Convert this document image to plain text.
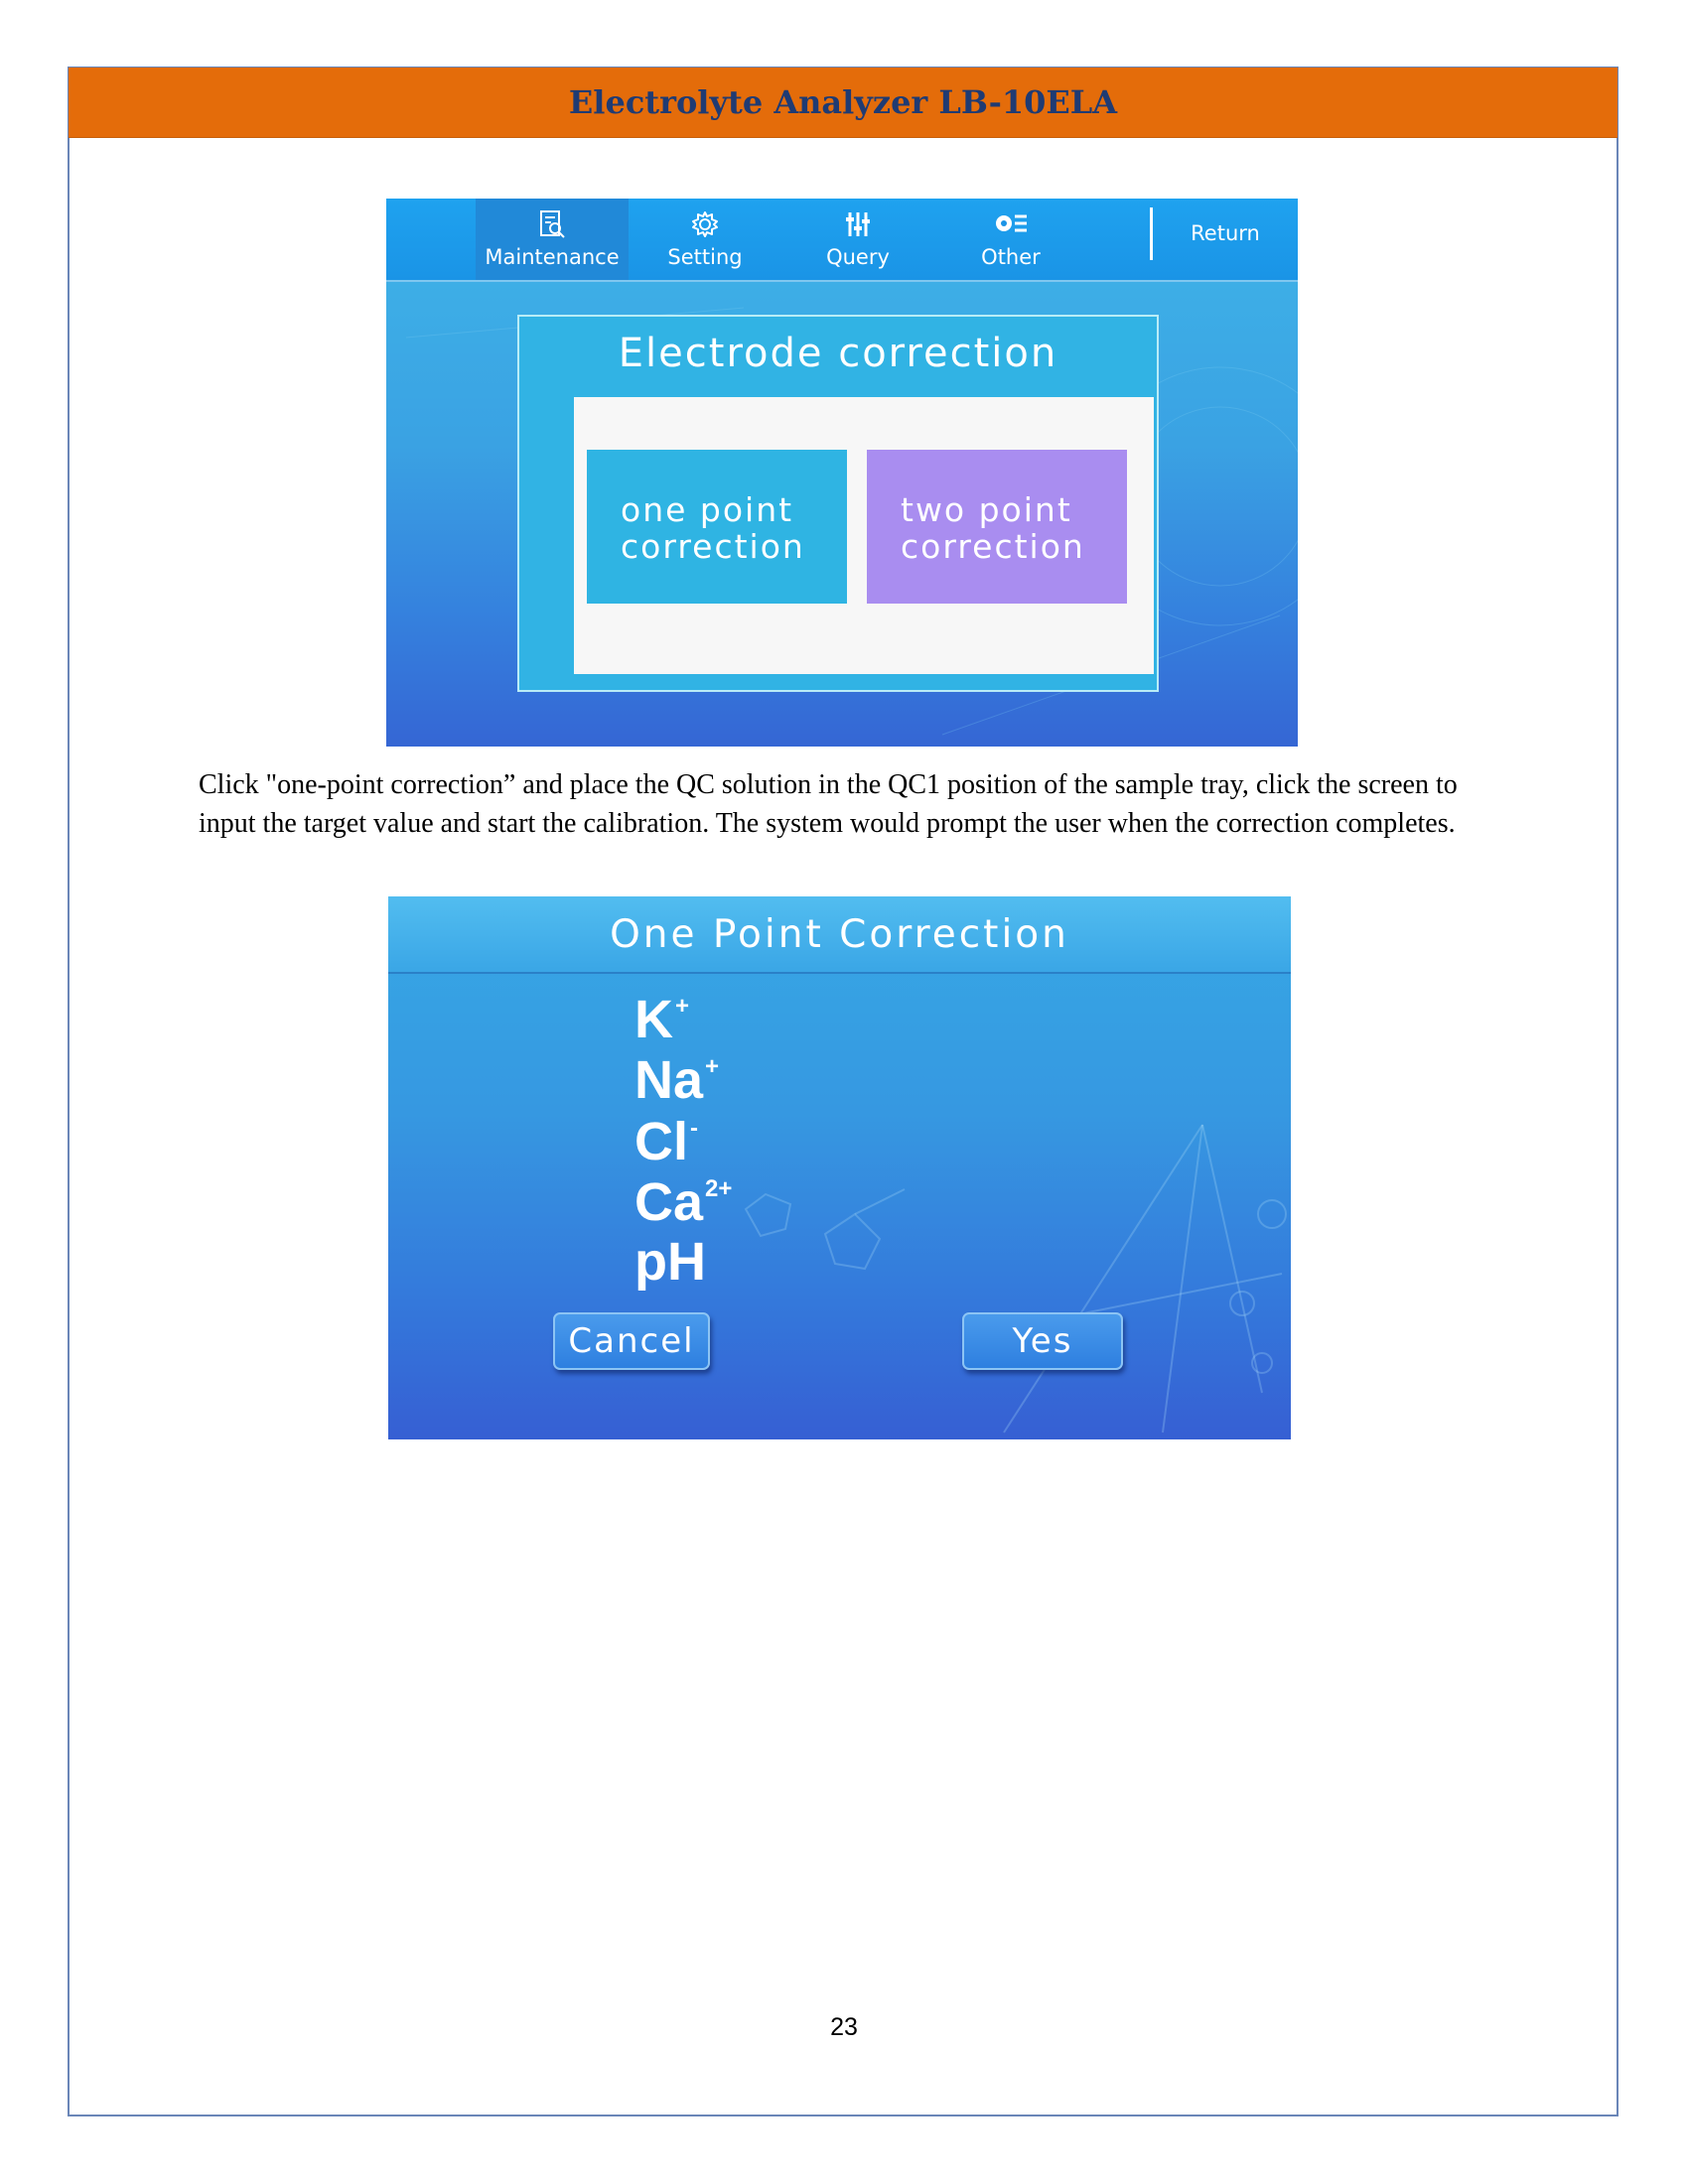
Electrolyte Analyzer LB-10ELA
Maintenance Setting	Query	Other
Return
Electrode correction
one point
correction
two point
correction
Click "one-point correction” and place the QC solution in the QC1 position of the sample tray, click the screen to input the target value and start the calibration. The system would prompt the user when the correction completes.
One Point Correction
K+
Na+
Cl-
$Ca^{2+}$
pH
Cancel	Yes
23
